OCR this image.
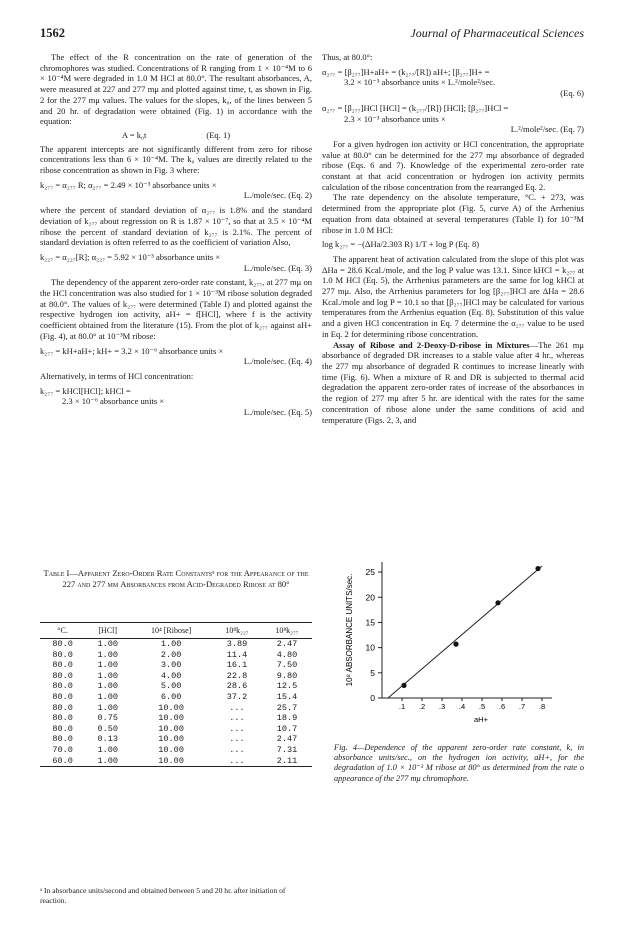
1562	Journal of Pharmaceutical Sciences

The effect of the R concentration on the rate of generation of the chromophores was studied. Concentrations of R ranging from 1 × 10⁻⁴M to 6 × 10⁻⁴M were degraded in 1.0 M HCl at 80.0°. The resultant absorbances, A, were measured at 227 and 277 mμ and plotted against time, t, as shown in Fig. 2 for the 277 mμ values. The values for the slopes, k₀, of the lines between 5 and 20 hr. of degradation were obtained (Fig. 1) in accordance with the equation:

A = k₀t	(Eq. 1)

The apparent intercepts are not significantly different from zero for ribose concentrations less than 6 × 10⁻⁴M. The k₀ values are directly related to the ribose concentration as shown in Fig. 3 where:

k₂₇₇ = α₂₇₇ R; α₂₇₇ = 2.49 × 10⁻³ absorbance units ×
L./mole/sec. (Eq. 2)

where the percent of standard deviation of α₂₇₇ is 1.8% and the standard deviation of k₂₇₇ about regression on R is 1.87 × 10⁻⁷, so that at 3.5 × 10⁻⁴M ribose the percent of standard deviation of k₂₇₇ is 2.1%. The percent of standard deviation is often referred to as the coefficient of variation Also,

k₂₂₇ = α₂₂₇[R]; α₂₂₇ = 5.92 × 10⁻³ absorbance units ×
L./mole/sec. (Eq. 3)

The dependency of the apparent zero-order rate constant, k₂₇₇, at 277 mμ on the HCl concentration was also studied for 1 × 10⁻³M ribose solution degraded at 80.0°. The values of k₂₇₇ were determined (Table I) and plotted against the respective hydrogen ion activity, aH+ = f[HCl], where f is the activity coefficient obtained from the literature (15). From the plot of k₂₇₇ against aH+ (Fig. 4), at 80.0° at 10⁻³M ribose:

k₂₇₇ = kH+aH+; kH+ = 3.2 × 10⁻⁶ absorbance units ×
L./mole/sec. (Eq. 4)

Alternatively, in terms of HCl concentration:

k₂₇₇ = kHCl[HCl]; kHCl =
2.3 × 10⁻⁶ absorbance units ×
L./mole/sec. (Eq. 5)

Thus, at 80.0°:

α₂₇₇ = [β₂₇₇]H+aH+ = (k₂₇₇/[R]) aH+; [β₂₇₇]H+ =
3.2 × 10⁻³ absorbance units × L.²/mole²/sec.
(Eq. 6)
α₂₇₇ = [β₂₇₇]HCl [HCl] = (k₂₇₇/[R]) [HCl]; [β₂₇₇]HCl =
2.3 × 10⁻³ absorbance units ×
L.²/mole²/sec. (Eq. 7)

For a given hydrogen ion activity or HCl concentration, the appropriate value at 80.0° can be determined for the 277 mμ absorbance of degraded ribose (Eqs. 6 and 7). Knowledge of the experimental zero-order rate constant at that acid concentration or hydrogen ion activity permits calculation of the ribose concentration from the rearranged Eq. 2.

The rate dependency on the absolute temperature, °C. + 273, was determined from the appropriate plot (Fig. 5, curve A) of the Arrhenius equation from data obtained at several temperatures (Table I) for 10⁻³M ribose in 1.0 M HCl:

log k₂₇₇ = −(ΔHa/2.303 R) 1/T + log P (Eq. 8)

The apparent heat of activation calculated from the slope of this plot was ΔHa = 28.6 Kcal./mole, and the log P value was 13.1. Since kHCl = k₂₇₇ at 1.0 M HCl (Eq. 5), the Arrhenius parameters are the same for log kHCl at 277 mμ. Also, the Arrhenius parameters for log [β₂₇₇]HCl are ΔHa = 28.6 Kcal./mole and log P = 10.1 so that [β₂₇₇]HCl may be calculated for various temperatures from the Arrhenius equation (Eq. 8). Substitution of this value and a given HCl concentration in Eq. 7 determine the α₂₇₇ value to be used in Eq. 2 for determining ribose concentration.

Assay of Ribose and 2-Deoxy-D-ribose in Mixtures—The 261 mμ absorbance of degraded DR increases to a stable value after 4 hr., whereas the 277 mμ absorbance of degraded R continues to increase linearly with time (Fig. 6). When a mixture of R and DR is subjected to thermal acid degradation the apparent zero-order rates of increase of the absorbances in the region of 277 mμ after 5 hr. are identical with the rates for the same concentration of ribose alone under the same conditions of acid and temperature (Figs. 2, 3, and

Table I—Apparent Zero-Order Rate Constantsᵃ for the Appearance of the 227 and 277 mμ Absorbances from Acid-Degraded Ribose at 80°
°C.	[HCl]	10⁴ [Ribose]	10⁸k₂₂₇	10⁸k₂₇₇
80.0	1.00	1.00	3.89	2.47
80.0	1.00	2.00	11.4	4.80
80.0	1.00	3.00	16.1	7.50
80.0	1.00	4.00	22.8	9.80
80.0	1.00	5.00	28.6	12.5
80.0	1.00	6.00	37.2	15.4
80.0	1.00	10.00	...	25.7
80.0	0.75	10.00	...	18.9
80.0	0.50	10.00	...	10.7
80.0	0.13	10.00	...	2.47
70.0	1.00	10.00	...	7.31
60.0	1.00	10.00	...	2.11
ᵃ In absorbance units/second and obtained between 5 and 20 hr. after initiation of reaction.
0
5
10
15
20
25
.1 .2 .3 .4 .5 .6 .7 .8
10⁸ ABSORBANCE UNITS/sec.
aH+
Fig. 4—Dependence of the apparent zero-order rate constant, k, in absorbance units/sec., on the hydrogen ion activity, aH+, for the degradation of 1.0 × 10⁻³ M ribose at 80° as determined from the rate o appearance of the 277 mμ chromophore.
